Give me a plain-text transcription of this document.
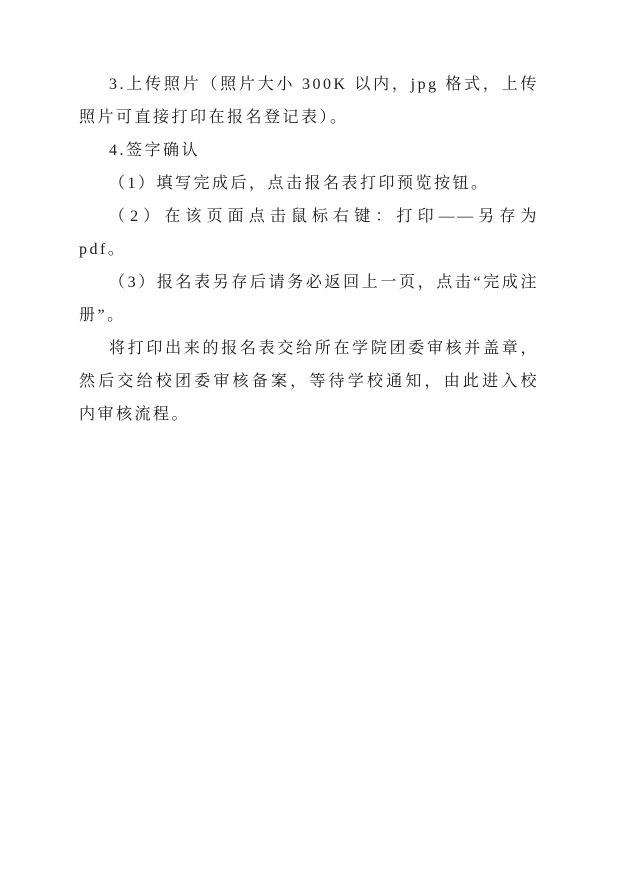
3.上传照片（照片大小 300K 以内，jpg 格式，上传照片可直接打印在报名登记表）。

4.签字确认

（1）填写完成后，点击报名表打印预览按钮。

（2）在该页面点击鼠标右键：打印——另存为 pdf。

（3）报名表另存后请务必返回上一页，点击“完成注册”。

将打印出来的报名表交给所在学院团委审核并盖章，然后交给校团委审核备案，等待学校通知，由此进入校内审核流程。
